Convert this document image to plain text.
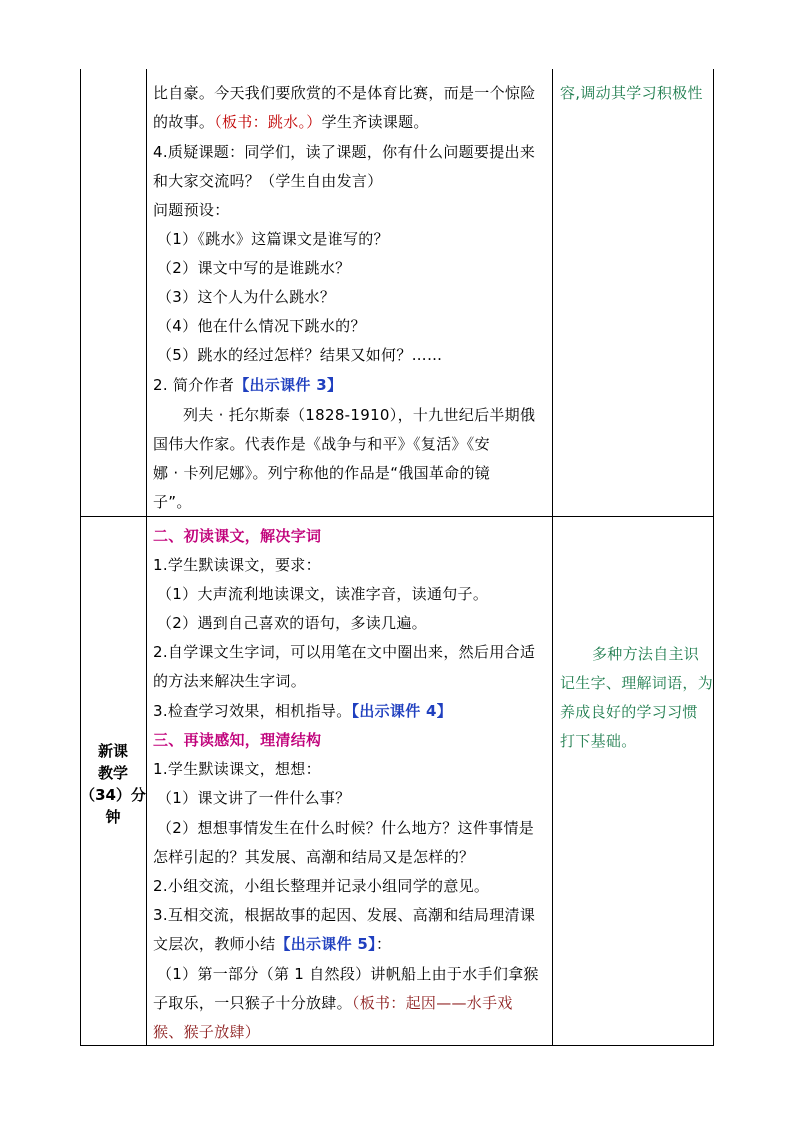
比自豪。今天我们要欣赏的不是体育比赛，而是一个惊险
的故事。（板书：跳水。）学生齐读课题。
4.质疑课题：同学们，读了课题，你有什么问题要提出来
和大家交流吗？（学生自由发言）
问题预设：
（1）《跳水》这篇课文是谁写的？
（2）课文中写的是谁跳水？
（3）这个人为什么跳水？
（4）他在什么情况下跳水的？
（5）跳水的经过怎样？结果又如何？……
2. 简介作者【出示课件 3】
列夫 · 托尔斯泰（1828-1910），十九世纪后半期俄
国伟大作家。代表作是《战争与和平》《复活》《安
娜 · 卡列尼娜》。列宁称他的作品是“俄国革命的镜
子”。
容,调动其学习积极性
新课
教学
（34）分
钟
二、初读课文，解决字词
1.学生默读课文，要求：
（1）大声流利地读课文，读准字音，读通句子。
（2）遇到自己喜欢的语句，多读几遍。
2.自学课文生字词，可以用笔在文中圈出来，然后用合适
的方法来解决生字词。
3.检查学习效果，相机指导。【出示课件 4】
三、再读感知，理清结构
1.学生默读课文，想想：
（1）课文讲了一件什么事？
（2）想想事情发生在什么时候？什么地方？这件事情是
怎样引起的？其发展、高潮和结局又是怎样的？
2.小组交流，小组长整理并记录小组同学的意见。
3.互相交流，根据故事的起因、发展、高潮和结局理清课
文层次，教师小结【出示课件 5】：
（1）第一部分（第 1 自然段）讲帆船上由于水手们拿猴
子取乐，一只猴子十分放肆。（板书：起因——水手戏
猴、猴子放肆）
多种方法自主识
记生字、理解词语，为
养成良好的学习习惯
打下基础。
